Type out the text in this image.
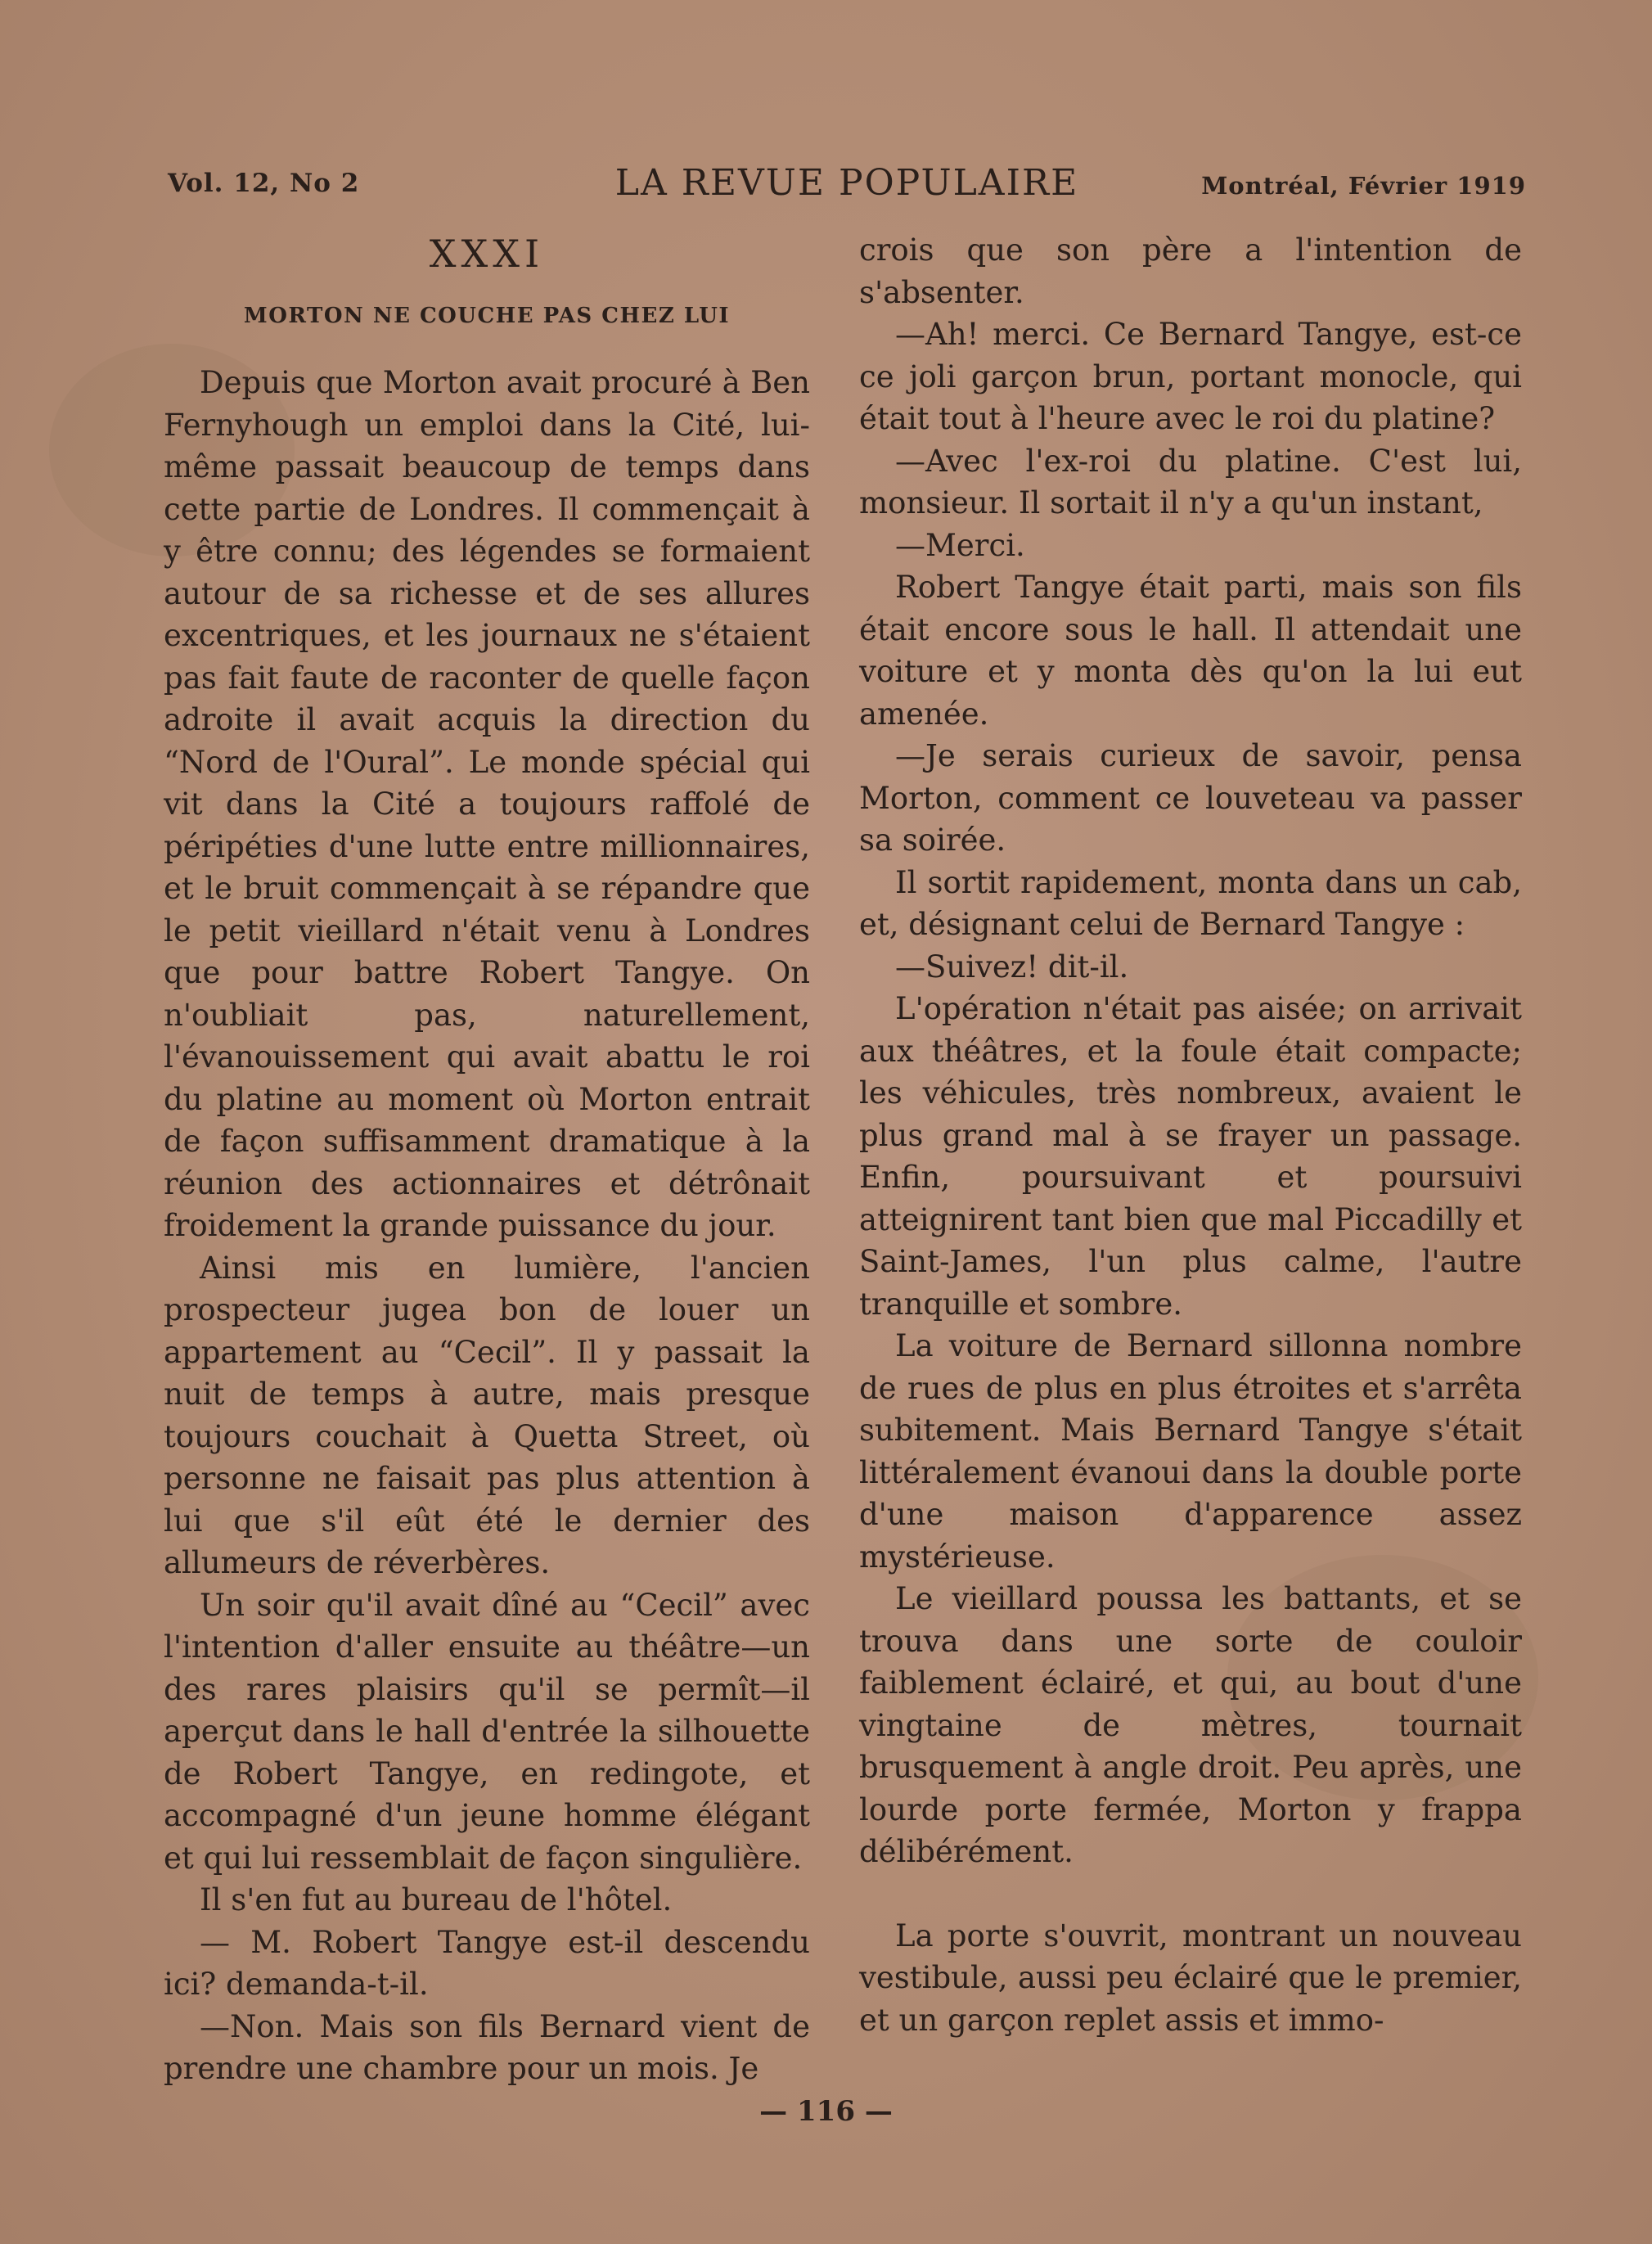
Vol. 12, No 2	LA REVUE POPULAIRE	Montréal, Février 1919
XXXI
MORTON NE COUCHE PAS CHEZ LUI

Depuis que Morton avait procuré à Ben Fernyhough un emploi dans la Cité, lui-même passait beaucoup de temps dans cette partie de Londres. Il commençait à y être connu; des légendes se formaient autour de sa richesse et de ses allures excentriques, et les journaux ne s'étaient pas fait faute de raconter de quelle façon adroite il avait acquis la direction du “Nord de l'Oural”. Le monde spécial qui vit dans la Cité a toujours raffolé de péripéties d'une lutte entre millionnaires, et le bruit commençait à se répandre que le petit vieillard n'était venu à Londres que pour battre Robert Tangye. On n'oubliait pas, naturellement, l'évanouissement qui avait abattu le roi du platine au moment où Morton entrait de façon suffisamment dramatique à la réunion des actionnaires et détrônait froidement la grande puissance du jour.

Ainsi mis en lumière, l'ancien prospecteur jugea bon de louer un appartement au “Cecil”. Il y passait la nuit de temps à autre, mais presque toujours couchait à Quetta Street, où personne ne faisait pas plus attention à lui que s'il eût été le dernier des allumeurs de réverbères.

Un soir qu'il avait dîné au “Cecil” avec l'intention d'aller ensuite au théâtre—un des rares plaisirs qu'il se permît—il aperçut dans le hall d'entrée la silhouette de Robert Tangye, en redingote, et accompagné d'un jeune homme élégant et qui lui ressemblait de façon singulière.

Il s'en fut au bureau de l'hôtel.

— M. Robert Tangye est-il descendu ici? demanda-t-il.

—Non. Mais son fils Bernard vient de prendre une chambre pour un mois. Je

crois que son père a l'intention de s'absenter.

—Ah! merci. Ce Bernard Tangye, est-ce ce joli garçon brun, portant monocle, qui était tout à l'heure avec le roi du platine?

—Avec l'ex-roi du platine. C'est lui, monsieur. Il sortait il n'y a qu'un instant,

—Merci.

Robert Tangye était parti, mais son fils était encore sous le hall. Il attendait une voiture et y monta dès qu'on la lui eut amenée.

—Je serais curieux de savoir, pensa Morton, comment ce louveteau va passer sa soirée.

Il sortit rapidement, monta dans un cab, et, désignant celui de Bernard Tangye :

—Suivez! dit-il.

L'opération n'était pas aisée; on arrivait aux théâtres, et la foule était compacte; les véhicules, très nombreux, avaient le plus grand mal à se frayer un passage. Enfin, poursuivant et poursuivi atteignirent tant bien que mal Piccadilly et Saint-James, l'un plus calme, l'autre tranquille et sombre.

La voiture de Bernard sillonna nombre de rues de plus en plus étroites et s'arrêta subitement. Mais Bernard Tangye s'était littéralement évanoui dans la double porte d'une maison d'apparence assez mystérieuse.

Le vieillard poussa les battants, et se trouva dans une sorte de couloir faiblement éclairé, et qui, au bout d'une vingtaine de mètres, tournait brusquement à angle droit. Peu après, une lourde porte fermée, Morton y frappa délibérément.

La porte s'ouvrit, montrant un nouveau vestibule, aussi peu éclairé que le premier, et un garçon replet assis et immo-

— 116 —
